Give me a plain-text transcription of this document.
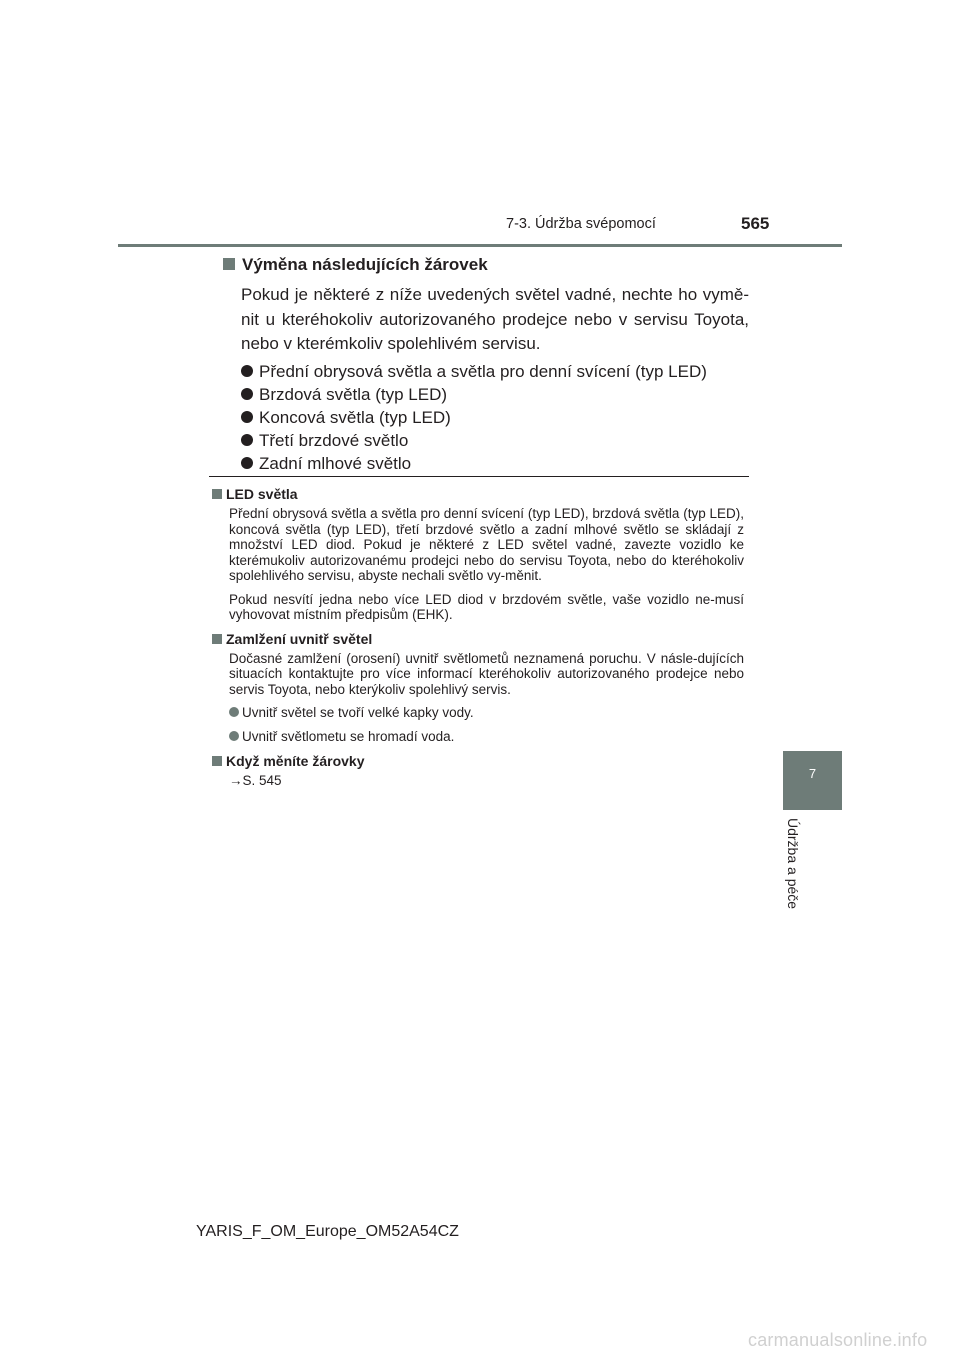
7-3. Údržba svépomocí	565
7
Údržba a péče
Výměna následujících žárovek
Pokud je některé z níže uvedených světel vadné, nechte ho vymě-nit u kteréhokoliv autorizovaného prodejce nebo v servisu Toyota, nebo v kterémkoliv spolehlivém servisu.
Přední obrysová světla a světla pro denní svícení (typ LED)
Brzdová světla (typ LED)
Koncová světla (typ LED)
Třetí brzdové světlo
Zadní mlhové světlo
LED světla
Přední obrysová světla a světla pro denní svícení (typ LED), brzdová světla (typ LED), koncová světla (typ LED), třetí brzdové světlo a zadní mlhové světlo se skládají z množství LED diod. Pokud je některé z LED světel vadné, zavezte vozidlo ke kterémukoliv autorizovanému prodejci nebo do servisu Toyota, nebo do kteréhokoliv spolehlivého servisu, abyste nechali světlo vy-měnit.
Pokud nesvítí jedna nebo více LED diod v brzdovém světle, vaše vozidlo ne-musí vyhovovat místním předpisům (EHK).
Zamlžení uvnitř světel
Dočasné zamlžení (orosení) uvnitř světlometů neznamená poruchu. V násle-dujících situacích kontaktujte pro více informací kteréhokoliv autorizovaného prodejce nebo servis Toyota, nebo kterýkoliv spolehlivý servis.
Uvnitř světel se tvoří velké kapky vody.
Uvnitř světlometu se hromadí voda.
Když měníte žárovky
→S. 545
YARIS_F_OM_Europe_OM52A54CZ
carmanualsonline.info
